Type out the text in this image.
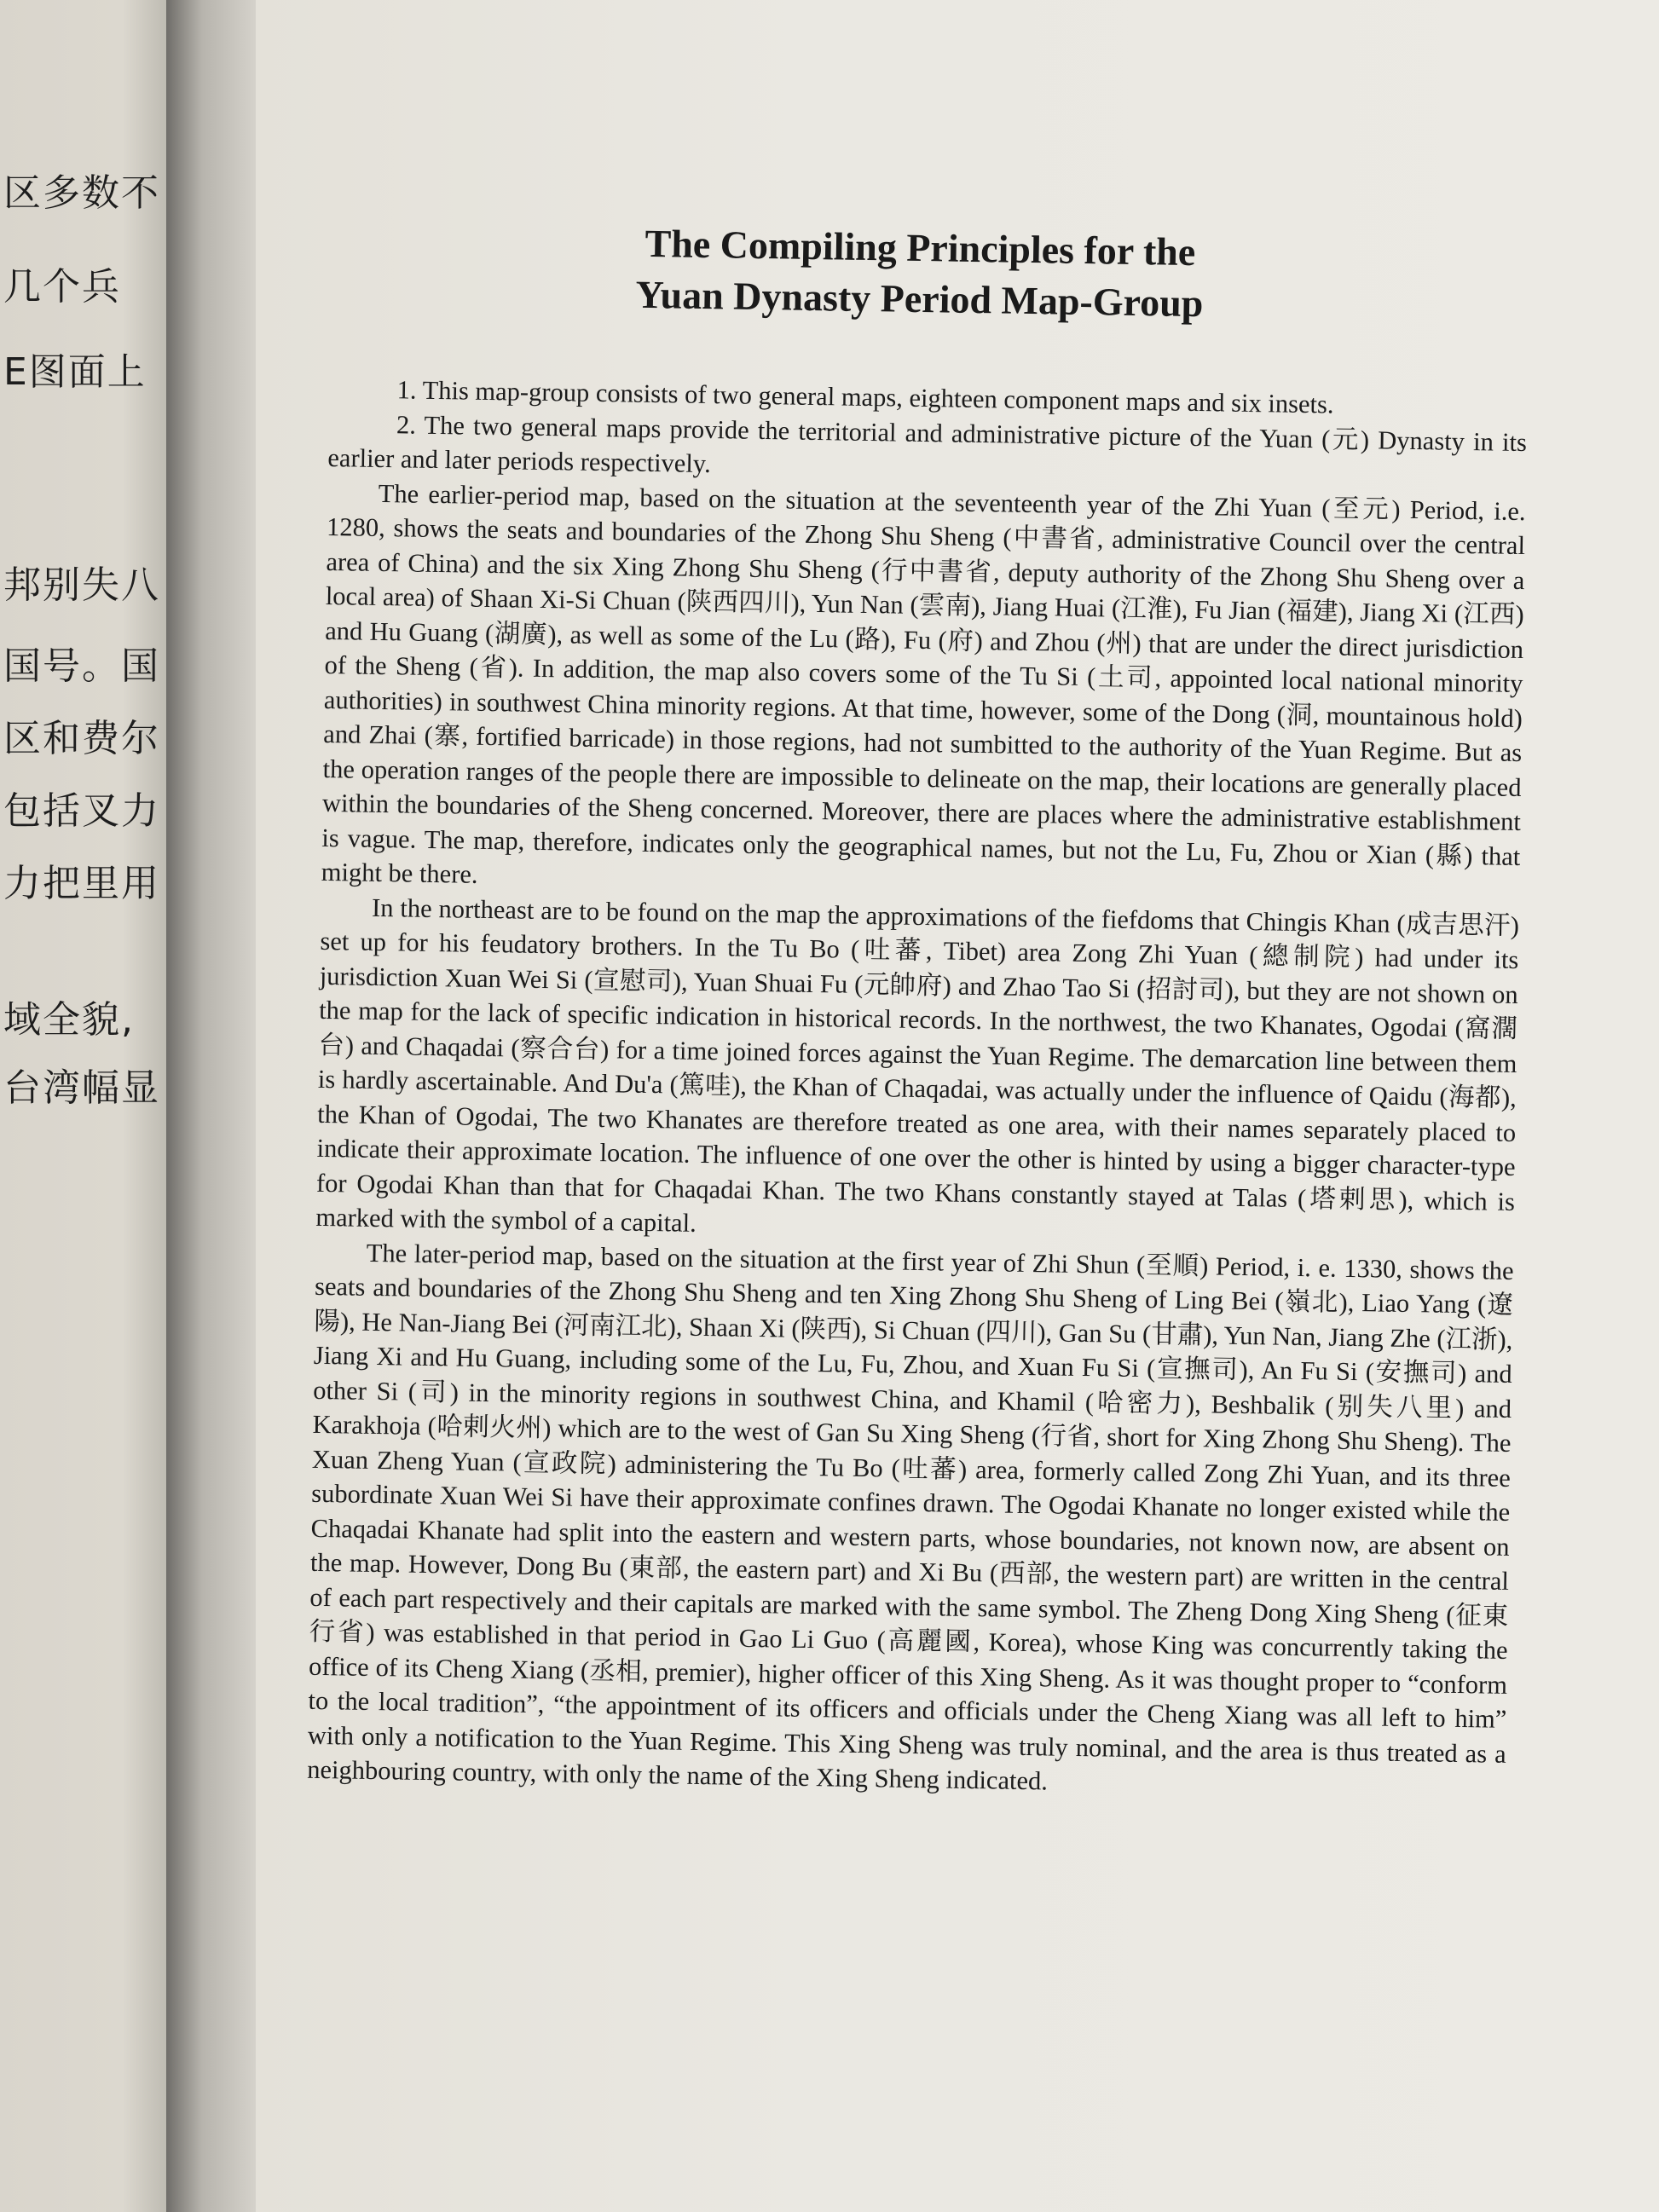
区多数不
几个兵
E图面上
邦别失八
国号。国
区和费尔
包括叉力
力把里用
域全貌,
台湾幅显
The Compiling Principles for the
Yuan Dynasty Period Map-Group

1. This map-group consists of two general maps, eighteen component maps and six insets.

2. The two general maps provide the territorial and administrative picture of the Yuan (元) Dynasty in its earlier and later periods respectively.

The earlier-period map, based on the situation at the seventeenth year of the Zhi Yuan (至元) Period, i.e. 1280, shows the seats and boundaries of the Zhong Shu Sheng (中書省, administrative Council over the central area of China) and the six Xing Zhong Shu Sheng (行中書省, deputy authority of the Zhong Shu Sheng over a local area) of Shaan Xi-Si Chuan (陕西四川), Yun Nan (雲南), Jiang Huai (江淮), Fu Jian (福建), Jiang Xi (江西) and Hu Guang (湖廣), as well as some of the Lu (路), Fu (府) and Zhou (州) that are under the direct jurisdiction of the Sheng (省). In addition, the map also covers some of the Tu Si (土司, appointed local national minority authorities) in southwest China minority regions. At that time, however, some of the Dong (洞, mountainous hold) and Zhai (寨, fortified barricade) in those regions, had not sumbitted to the authority of the Yuan Regime. But as the operation ranges of the people there are impossible to delineate on the map, their locations are generally placed within the boundaries of the Sheng concerned. Moreover, there are places where the administrative establishment is vague. The map, therefore, indicates only the geographical names, but not the Lu, Fu, Zhou or Xian (縣) that might be there.

In the northeast are to be found on the map the approximations of the fiefdoms that Chingis Khan (成吉思汗) set up for his feudatory brothers. In the Tu Bo (吐蕃, Tibet) area Zong Zhi Yuan (總制院) had under its jurisdiction Xuan Wei Si (宣慰司), Yuan Shuai Fu (元帥府) and Zhao Tao Si (招討司), but they are not shown on the map for the lack of specific indication in historical records. In the northwest, the two Khanates, Ogodai (窩濶台) and Chaqadai (察合台) for a time joined forces against the Yuan Regime. The demarcation line between them is hardly ascertainable. And Du'a (篤哇), the Khan of Chaqadai, was actually under the influence of Qaidu (海都), the Khan of Ogodai, The two Khanates are therefore treated as one area, with their names separately placed to indicate their approximate location. The influence of one over the other is hinted by using a bigger character-type for Ogodai Khan than that for Chaqadai Khan. The two Khans constantly stayed at Talas (塔剌思), which is marked with the symbol of a capital.

The later-period map, based on the situation at the first year of Zhi Shun (至順) Period, i. e. 1330, shows the seats and boundaries of the Zhong Shu Sheng and ten Xing Zhong Shu Sheng of Ling Bei (嶺北), Liao Yang (遼陽), He Nan-Jiang Bei (河南江北), Shaan Xi (陕西), Si Chuan (四川), Gan Su (甘肅), Yun Nan, Jiang Zhe (江浙), Jiang Xi and Hu Guang, including some of the Lu, Fu, Zhou, and Xuan Fu Si (宣撫司), An Fu Si (安撫司) and other Si (司) in the minority regions in southwest China, and Khamil (哈密力), Beshbalik (别失八里) and Karakhoja (哈剌火州) which are to the west of Gan Su Xing Sheng (行省, short for Xing Zhong Shu Sheng). The Xuan Zheng Yuan (宣政院) administering the Tu Bo (吐蕃) area, formerly called Zong Zhi Yuan, and its three subordinate Xuan Wei Si have their approximate confines drawn. The Ogodai Khanate no longer existed while the Chaqadai Khanate had split into the eastern and western parts, whose boundaries, not known now, are absent on the map. However, Dong Bu (東部, the eastern part) and Xi Bu (西部, the western part) are written in the central of each part respectively and their capitals are marked with the same symbol. The Zheng Dong Xing Sheng (征東行省) was established in that period in Gao Li Guo (高麗國, Korea), whose King was concurrently taking the office of its Cheng Xiang (丞相, premier), higher officer of this Xing Sheng. As it was thought proper to “conform to the local tradition”, “the appointment of its officers and officials under the Cheng Xiang was all left to him” with only a notification to the Yuan Regime. This Xing Sheng was truly nominal, and the area is thus treated as a neighbouring country, with only the name of the Xing Sheng indicated.
